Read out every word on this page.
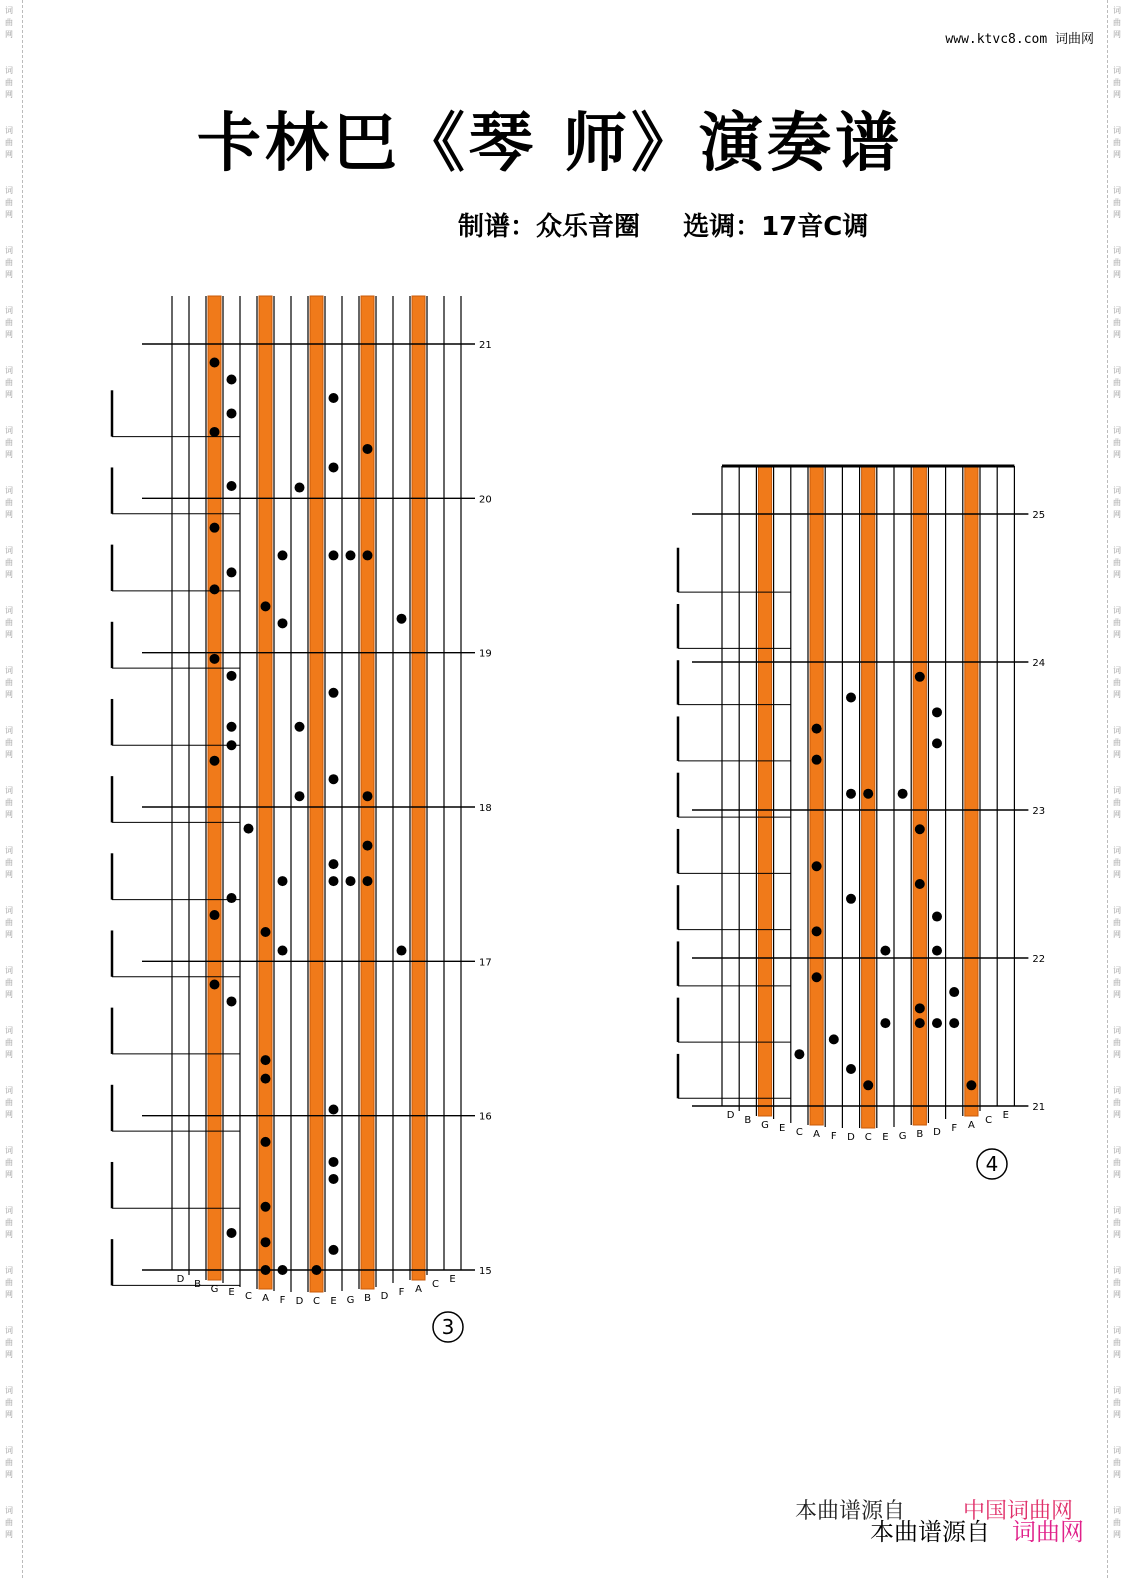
词
曲
网
词
曲
网
词
曲
网
词
曲
网
词
曲
网
词
曲
网
词
曲
网
词
曲
网
词
曲
网
词
曲
网
词
曲
网
词
曲
网
词
曲
网
词
曲
网
词
曲
网
词
曲
网
词
曲
网
词
曲
网
词
曲
网
词
曲
网
词
曲
网
词
曲
网
词
曲
网
词
曲
网
词
曲
网
词
曲
网
词
曲
网
词
曲
网
词
曲
网
词
曲
网
词
曲
网
词
曲
网
词
曲
网
词
曲
网
词
曲
网
词
曲
网
词
曲
网
词
曲
网
词
曲
网
词
曲
网
词
曲
网
词
曲
网
词
曲
网
词
曲
网
词
曲
网
词
曲
网
词
曲
网
词
曲
网
词
曲
网
词
曲
网
词
曲
网
词
曲
网
www.ktvc8.com 词曲网
卡林巴《琴 师》演奏谱
制谱：众乐音圈 选调：17音C调
D B G E C A F D C E G B D F A C E
21
20
19
18
17
16
15
3
D B G E C A F D C E G B D F A C E
25
24
23
22
21
4
本曲谱源自	中国词曲网
本曲谱源自 词曲网
